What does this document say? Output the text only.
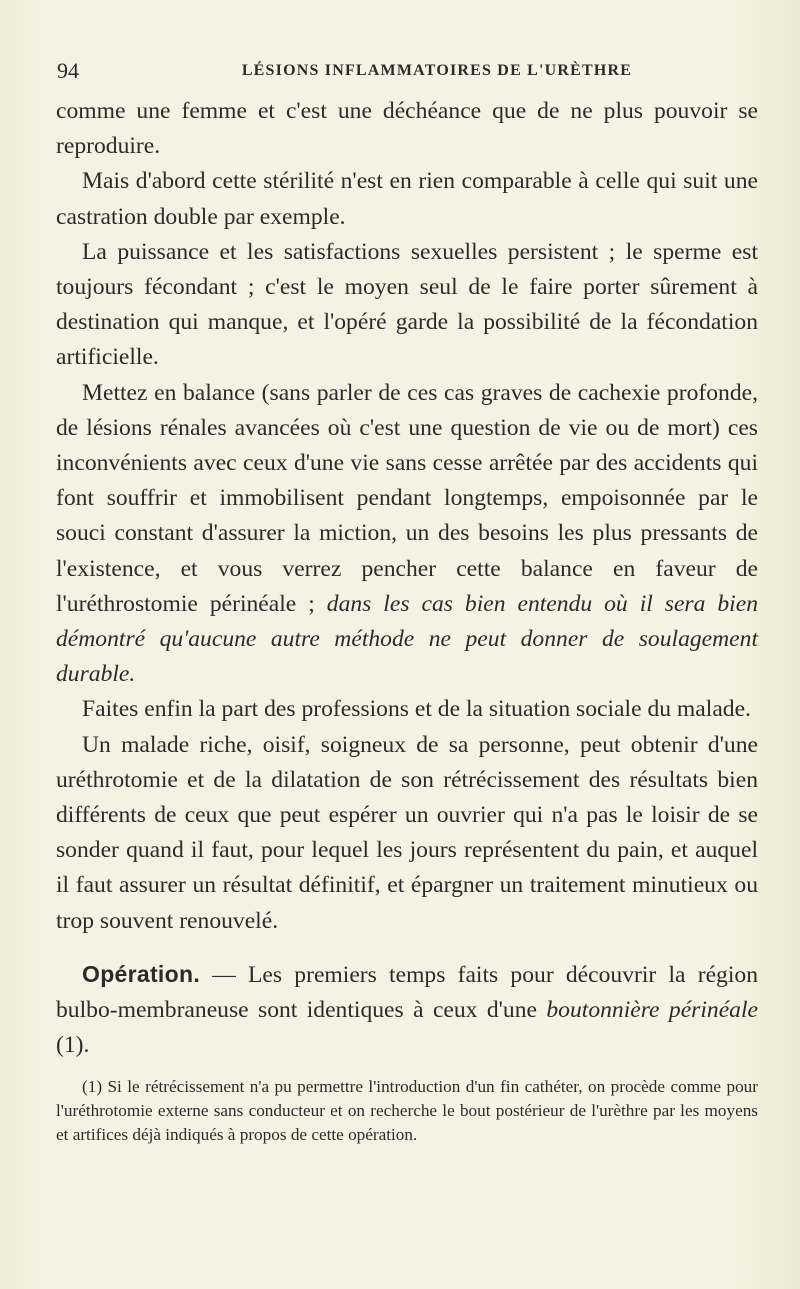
94	LÉSIONS INFLAMMATOIRES DE L'URÈTHRE

comme une femme et c'est une déchéance que de ne plus pouvoir se reproduire.

Mais d'abord cette stérilité n'est en rien comparable à celle qui suit une castration double par exemple.

La puissance et les satisfactions sexuelles persistent ; le sperme est toujours fécondant ; c'est le moyen seul de le faire porter sûrement à destination qui manque, et l'opéré garde la possibilité de la fécondation artificielle.

Mettez en balance (sans parler de ces cas graves de cachexie profonde, de lésions rénales avancées où c'est une question de vie ou de mort) ces inconvénients avec ceux d'une vie sans cesse arrêtée par des accidents qui font souffrir et immobilisent pendant longtemps, empoisonnée par le souci constant d'assurer la miction, un des besoins les plus pressants de l'existence, et vous verrez pencher cette balance en faveur de l'uréthrostomie périnéale ; dans les cas bien entendu où il sera bien démontré qu'aucune autre méthode ne peut donner de soulagement durable.

Faites enfin la part des professions et de la situation sociale du malade.

Un malade riche, oisif, soigneux de sa personne, peut obtenir d'une uréthrotomie et de la dilatation de son rétrécissement des résultats bien différents de ceux que peut espérer un ouvrier qui n'a pas le loisir de se sonder quand il faut, pour lequel les jours représentent du pain, et auquel il faut assurer un résultat définitif, et épargner un traitement minutieux ou trop souvent renouvelé.

Opération. — Les premiers temps faits pour découvrir la région bulbo-membraneuse sont identiques à ceux d'une boutonnière périnéale (1).

(1) Si le rétrécissement n'a pu permettre l'introduction d'un fin cathéter, on procède comme pour l'uréthrotomie externe sans conducteur et on recherche le bout postérieur de l'urèthre par les moyens et artifices déjà indiqués à propos de cette opération.
